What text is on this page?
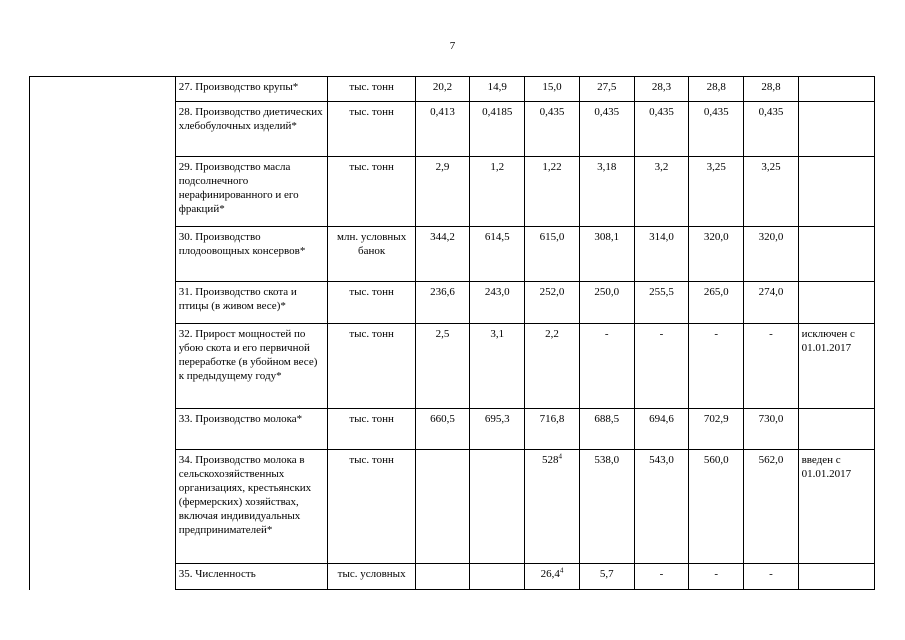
7
	27. Производство крупы*	тыс. тонн	20,2	14,9	15,0	27,5	28,3	28,8	28,8	
	28. Производство диетических хлебобулочных изделий*	тыс. тонн	0,413	0,4185	0,435	0,435	0,435	0,435	0,435	
	29. Производство масла подсолнечного нерафинированного и его фракций*	тыс. тонн	2,9	1,2	1,22	3,18	3,2	3,25	3,25	
	30. Производство плодоовощных консервов*	млн. условных банок	344,2	614,5	615,0	308,1	314,0	320,0	320,0	
	31. Производство скота и птицы (в живом весе)*	тыс. тонн	236,6	243,0	252,0	250,0	255,5	265,0	274,0	
	32. Прирост мощностей по убою скота и его первичной переработке (в убойном весе) к предыдущему году*	тыс. тонн	2,5	3,1	2,2	-	-	-	-	исключен с 01.01.2017
	33. Производство молока*	тыс. тонн	660,5	695,3	716,8	688,5	694,6	702,9	730,0	
	34. Производство молока в сельскохозяйственных организациях, крестьянских (фермерских) хозяйствах, включая индивидуальных предпринимателей*	тыс. тонн			$528^4$	538,0	543,0	560,0	562,0	введен с 01.01.2017
	35. Численность	тыс. условных			26,4$^4$	5,7	-	-	-	
